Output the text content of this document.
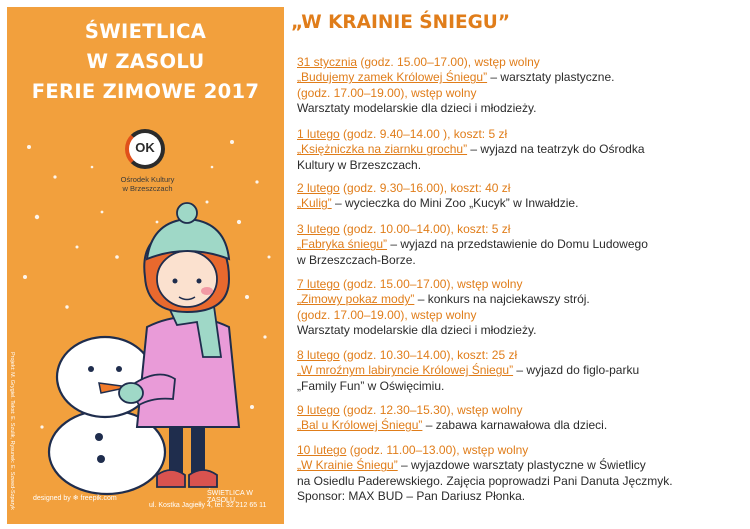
ŚWIETLICA
W ZASOLU
FERIE ZIMOWE 2017
OK
Ośrodek Kultury
w Brzeszczach
Projekt: M. Grygiel. Tekst: E. Szulik, Rysunek: E. Szwed-Szparyk	designed by ❄ freepik.com
ŚWIETLICA W ZASOLU,
ul. Kostka Jagiełły 4, tel. 32 212 65 11
„W KRAINIE ŚNIEGU”
31 stycznia (godz. 15.00–17.00), wstęp wolny
„Budujemy zamek Królowej Śniegu” – warsztaty plastyczne.
(godz. 17.00–19.00), wstęp wolny
Warsztaty modelarskie dla dzieci i młodzieży.
1 lutego (godz. 9.40–14.00 ), koszt: 5 zł
„Księżniczka na ziarnku grochu” – wyjazd na teatrzyk do Ośrodka
Kultury w Brzeszczach.
2 lutego (godz. 9.30–16.00), koszt: 40 zł
„Kulig” – wycieczka do Mini Zoo „Kucyk” w Inwałdzie.
3 lutego (godz. 10.00–14.00), koszt: 5 zł
„Fabryka śniegu” – wyjazd na przedstawienie do Domu Ludowego
w Brzeszczach-Borze.
7 lutego (godz. 15.00–17.00), wstęp wolny
„Zimowy pokaz mody” – konkurs na najciekawszy strój.
(godz. 17.00–19.00), wstęp wolny
Warsztaty modelarskie dla dzieci i młodzieży.
8 lutego (godz. 10.30–14.00), koszt: 25 zł
„W mroźnym labiryncie Królowej Śniegu” – wyjazd do figlo-parku
„Family Fun” w Oświęcimiu.
9 lutego (godz. 12.30–15.30), wstęp wolny
„Bal u Królowej Śniegu” – zabawa karnawałowa dla dzieci.
10 lutego (godz. 11.00–13.00), wstęp wolny
„W Krainie Śniegu” – wyjazdowe warsztaty plastyczne w Świetlicy
na Osiedlu Paderewskiego. Zajęcia poprowadzi Pani Danuta Jęczmyk.
Sponsor: MAX BUD – Pan Dariusz Płonka.
